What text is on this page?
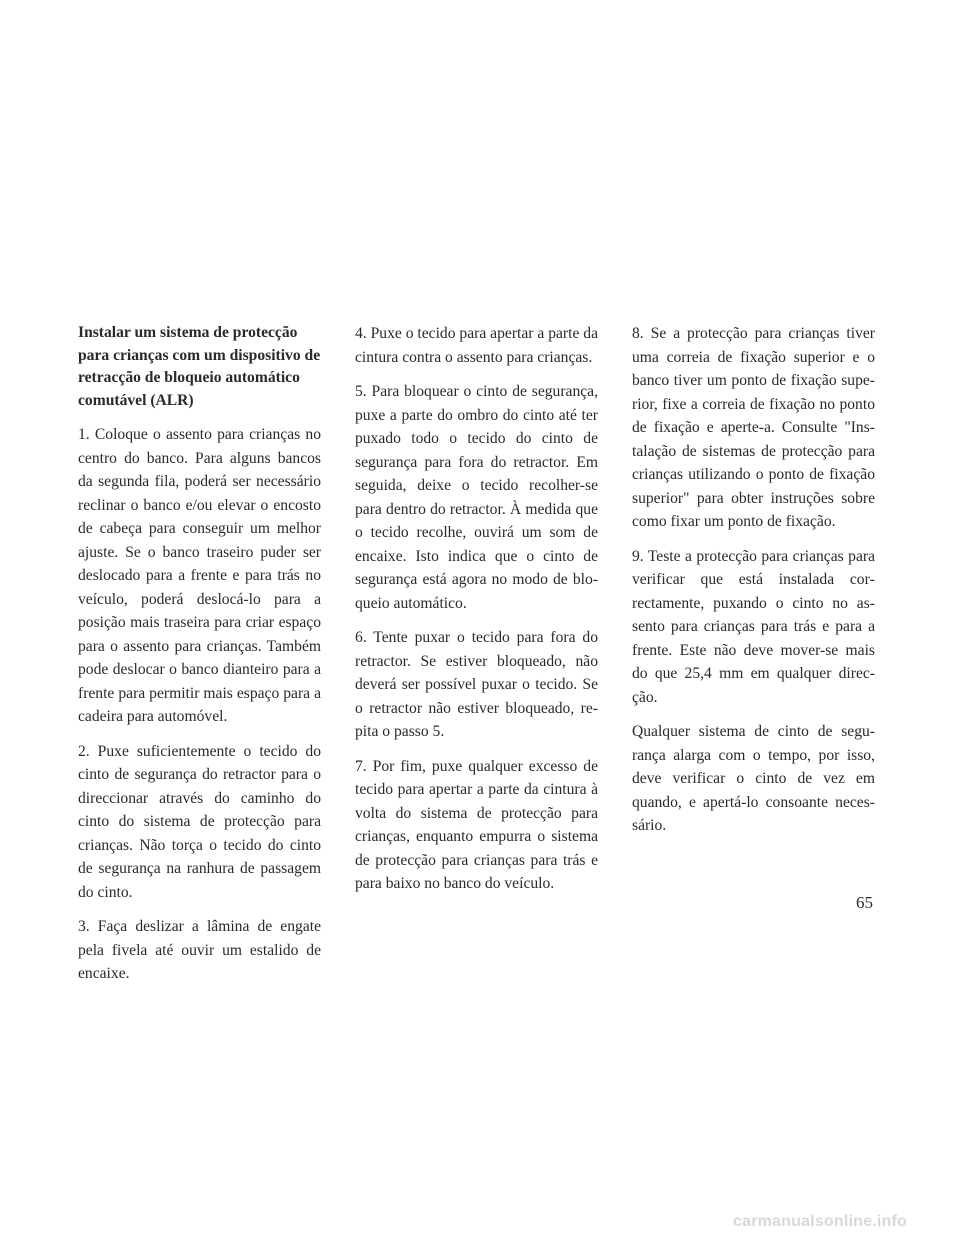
Instalar um sistema de protecção para crianças com um dispositivo de retracção de bloqueio automático comutável (ALR)

1. Coloque o assento para crianças no centro do banco. Para alguns bancos da segunda fila, poderá ser necessário reclinar o banco e/ou elevar o encosto de cabeça para conseguir um melhor ajuste. Se o banco traseiro puder ser deslocado para a frente e para trás no veículo, poderá deslocá-lo para a posição mais traseira para criar espaço para o assento para crianças. Também pode deslocar o banco dianteiro para a frente para permitir mais espaço para a cadeira para automóvel.

2. Puxe suficientemente o tecido do cinto de segurança do retractor para o direccionar através do caminho do cinto do sistema de protecção para crianças. Não torça o tecido do cinto de segurança na ranhura de passagem do cinto.

3. Faça deslizar a lâmina de engate pela fivela até ouvir um estalido de encaixe.

4. Puxe o tecido para apertar a parte da cintura contra o assento para crianças.

5. Para bloquear o cinto de segurança, puxe a parte do ombro do cinto até ter puxado todo o tecido do cinto de segurança para fora do retractor. Em seguida, deixe o tecido recolher-se para dentro do retractor. À medida que o tecido recolhe, ouvirá um som de encaixe. Isto indica que o cinto de segurança está agora no modo de bloqueio automático.

6. Tente puxar o tecido para fora do retractor. Se estiver bloqueado, não deverá ser possível puxar o tecido. Se o retractor não estiver bloqueado, repita o passo 5.

7. Por fim, puxe qualquer excesso de tecido para apertar a parte da cintura à volta do sistema de protecção para crianças, enquanto empurra o sistema de protecção para crianças para trás e para baixo no banco do veículo.

8. Se a protecção para crianças tiver uma correia de fixação superior e o banco tiver um ponto de fixação superior, fixe a correia de fixação no ponto de fixação e aperte-a. Consulte "Instalação de sistemas de protecção para crianças utilizando o ponto de fixação superior" para obter instruções sobre como fixar um ponto de fixação.

9. Teste a protecção para crianças para verificar que está instalada correctamente, puxando o cinto no assento para crianças para trás e para a frente. Este não deve mover-se mais do que 25,4 mm em qualquer direcção.

Qualquer sistema de cinto de segurança alarga com o tempo, por isso, deve verificar o cinto de vez em quando, e apertá-lo consoante necessário.

65
carmanualsonline.info
